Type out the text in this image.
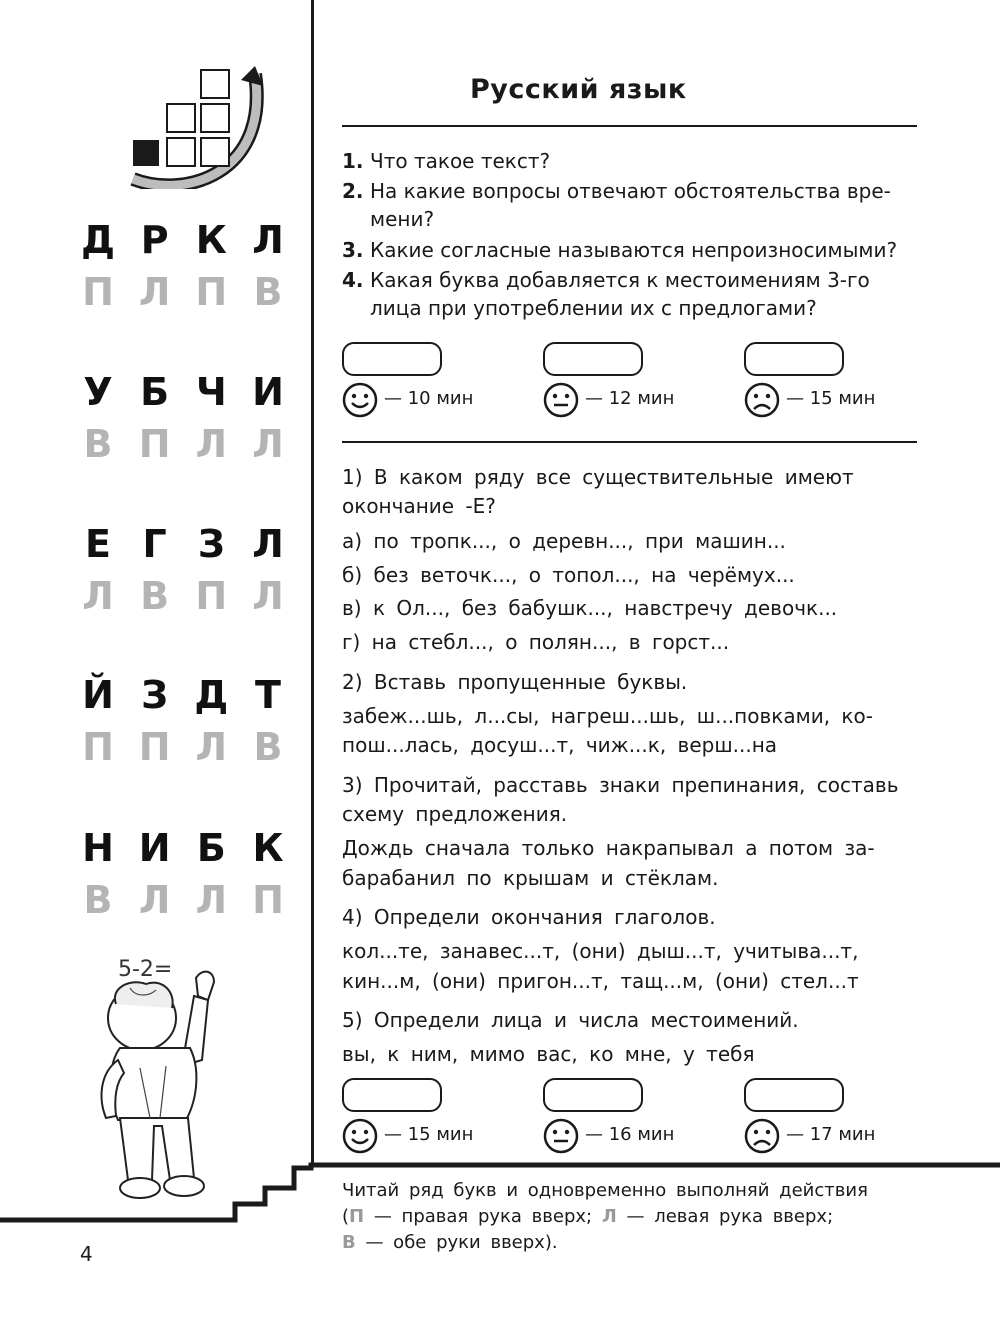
Д Р К Л
П Л П В
У Б Ч И
В П Л Л
Е Г З Л
Л В П Л
Й З Д Т
П П Л В
Н И Б К
В Л Л П
Русский язык
1. Что такое текст?
2. На какие вопросы отвечают обстоятельства вре-
мени?
3. Какие согласные называются непроизносимыми?
4. Какая буква добавляется к местоимениям 3-го
лица при употреблении их с предлогами?
— 10 мин	— 12 мин	— 15 мин
1) В каком ряду все существительные имеют
окончание -Е?
а) по тропк..., о деревн..., при машин...
б) без веточк..., о топол..., на черёмух...
в) к Ол..., без бабушк..., навстречу девочк...
г) на стебл..., о полян..., в горст...
2) Вставь пропущенные буквы.
забеж...шь, л...сы, нагреш...шь, ш...повками, ко-
пош...лась, досуш...т, чиж...к, верш...на
3) Прочитай, расставь знаки препинания, составь
схему предложения.
Дождь сначала только накрапывал а потом за-
барабанил по крышам и стёклам.
4) Определи окончания глаголов.
кол...те, занавес...т, (они) дыш...т, учитыва...т,
кин...м, (они) пригон...т, тащ...м, (они) стел...т
5) Определи лица и числа местоимений.
вы, к ним, мимо вас, ко мне, у тебя
— 15 мин	— 16 мин	— 17 мин
5-2=
Читай ряд букв и одновременно выполняй действия
(П — правая рука вверх; Л — левая рука вверх;
В — обе руки вверх).
4
